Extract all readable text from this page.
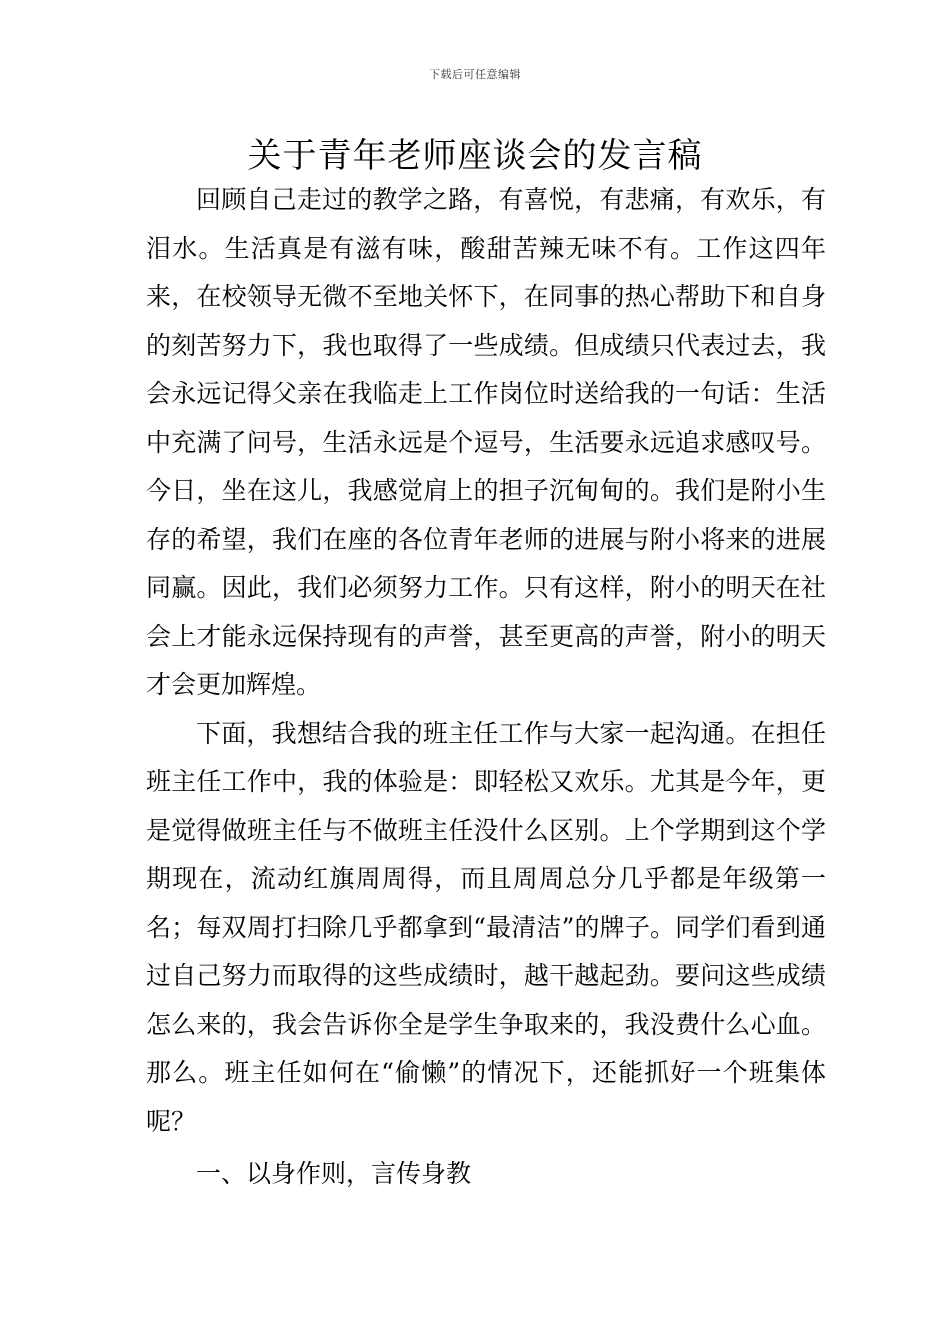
下载后可任意编辑
关于青年老师座谈会的发言稿

回顾自己走过的教学之路，有喜悦，有悲痛，有欢乐，有泪水。生活真是有滋有味，酸甜苦辣无味不有。工作这四年来，在校领导无微不至地关怀下，在同事的热心帮助下和自身的刻苦努力下，我也取得了一些成绩。但成绩只代表过去，我会永远记得父亲在我临走上工作岗位时送给我的一句话：生活中充满了问号，生活永远是个逗号，生活要永远追求感叹号。今日，坐在这儿，我感觉肩上的担子沉甸甸的。我们是附小生存的希望，我们在座的各位青年老师的进展与附小将来的进展同赢。因此，我们必须努力工作。只有这样，附小的明天在社会上才能永远保持现有的声誉，甚至更高的声誉，附小的明天才会更加辉煌。

下面，我想结合我的班主任工作与大家一起沟通。在担任班主任工作中，我的体验是：即轻松又欢乐。尤其是今年，更是觉得做班主任与不做班主任没什么区别。上个学期到这个学期现在，流动红旗周周得，而且周周总分几乎都是年级第一名；每双周打扫除几乎都拿到“最清洁”的牌子。同学们看到通过自己努力而取得的这些成绩时，越干越起劲。要问这些成绩怎么来的，我会告诉你全是学生争取来的，我没费什么心血。那么。班主任如何在“偷懒”的情况下，还能抓好一个班集体呢？

一、以身作则，言传身教
